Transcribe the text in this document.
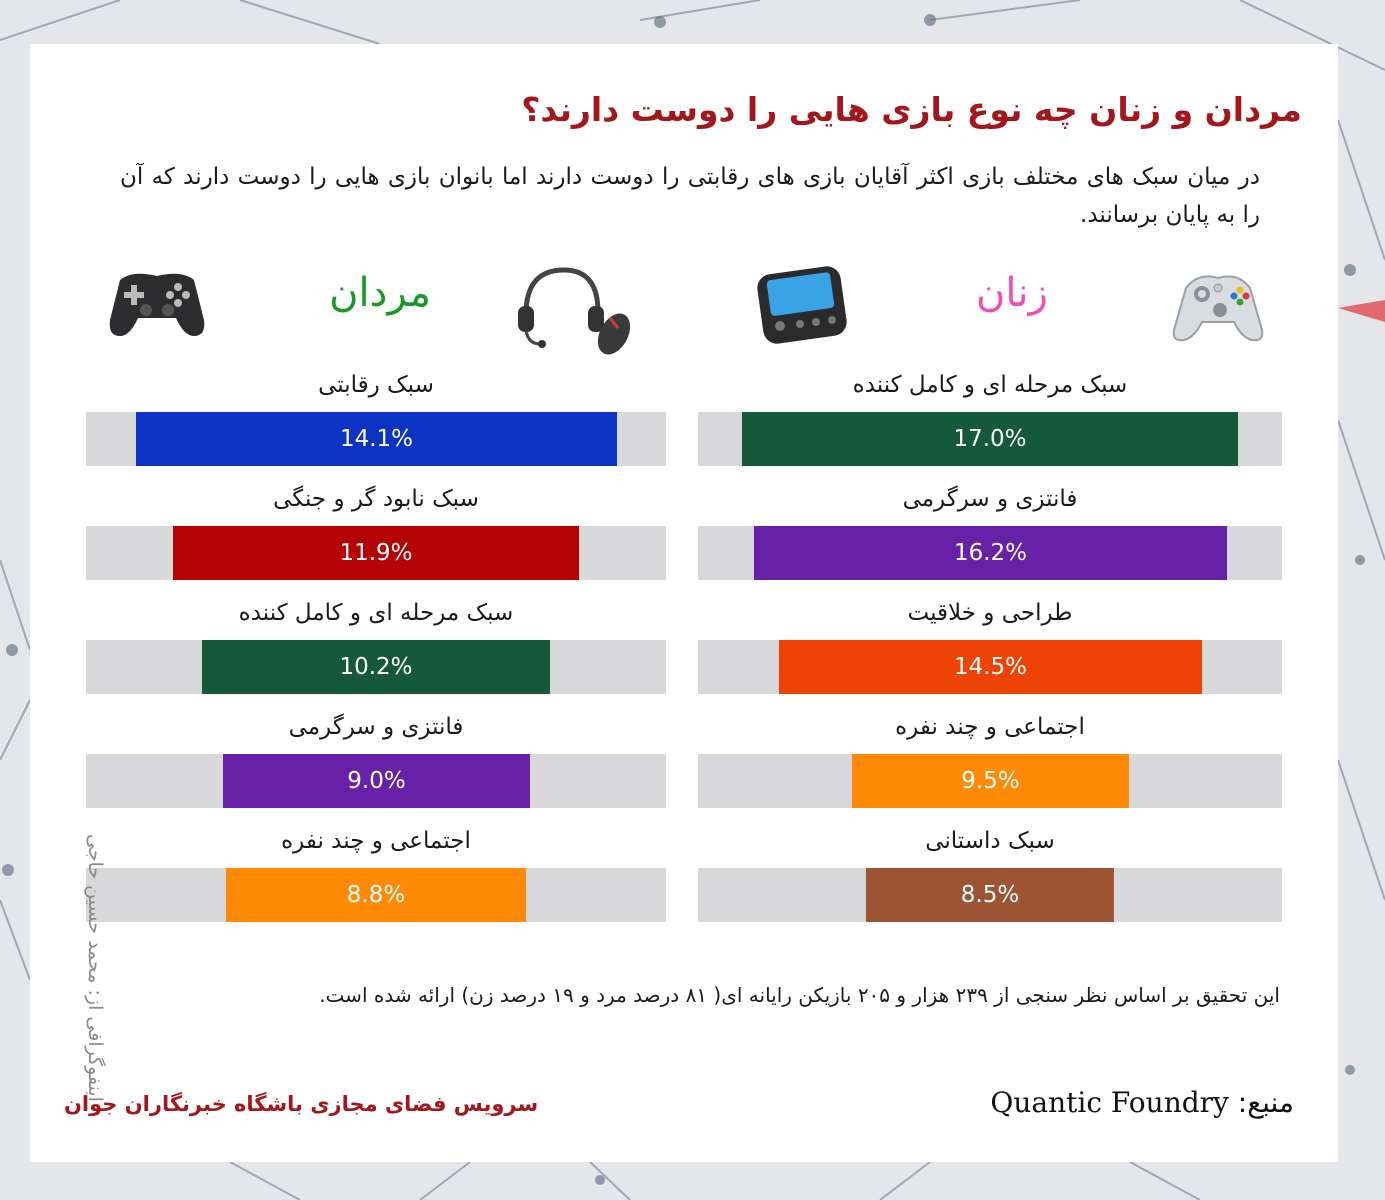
مردان و زنان چه نوع بازی هایی را دوست دارند؟
در میان سبک های مختلف بازی اکثر آقایان بازی های رقابتی را دوست دارند اما بانوان بازی هایی را دوست دارند که آن را به پایان برسانند.
زنان
مردان
سبک مرحله ای و کامل کننده
17.0%
فانتزی و سرگرمی
16.2%
طراحی و خلاقیت
14.5%
اجتماعی و چند نفره
9.5%
سبک داستانی
8.5%
سبک رقابتی
14.1%
سبک نابود گر و جنگی
11.9%
سبک مرحله ای و کامل کننده
10.2%
فانتزی و سرگرمی
9.0%
اجتماعی و چند نفره
8.8%
این تحقیق بر اساس نظر سنجی از ۲۳۹ هزار و ۲۰۵ بازیکن رایانه ای( ۸۱ درصد مرد و ۱۹ درصد زن) ارائه شده است.
منبع: Quantic Foundry
سرویس فضای مجازی باشگاه خبرنگاران جوان
اینفوگرافی از: محمد حسین حاجی
